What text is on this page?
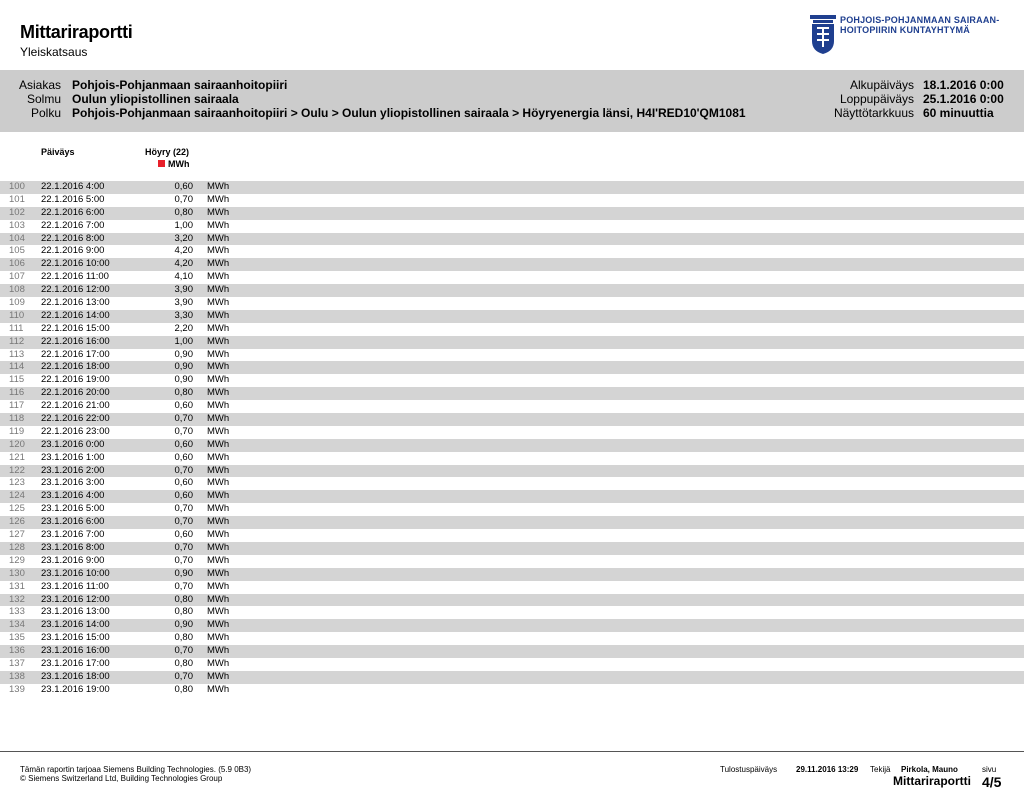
Mittariraportti
Yleiskatsaus
POHJOIS-POHJANMAAN SAIRAAN-
HOITOPIIRIN KUNTAYHTYMÄ
Asiakas Pohjois-Pohjanmaan sairaanhoitopiiri	Alkupäiväys 18.1.2016 0:00
Solmu Oulun yliopistollinen sairaala	Loppupäiväys 25.1.2016 0:00
Polku Pohjois-Pohjanmaan sairaanhoitopiiri > Oulu > Oulun yliopistollinen sairaala > Höyryenergia länsi, H4I'RED10'QM1081	Näyttötarkkuus 60 minuuttia
Päiväys	Höyry (22)
MWh
100 22.1.2016 4:00	0,60 MWh
101 22.1.2016 5:00	0,70 MWh
102 22.1.2016 6:00	0,80 MWh
103 22.1.2016 7:00	1,00 MWh
104 22.1.2016 8:00	3,20 MWh
105 22.1.2016 9:00	4,20 MWh
106 22.1.2016 10:00	4,20 MWh
107 22.1.2016 11:00	4,10 MWh
108 22.1.2016 12:00	3,90 MWh
109 22.1.2016 13:00	3,90 MWh
110 22.1.2016 14:00	3,30 MWh
111 22.1.2016 15:00	2,20 MWh
112 22.1.2016 16:00	1,00 MWh
113 22.1.2016 17:00	0,90 MWh
114 22.1.2016 18:00	0,90 MWh
115 22.1.2016 19:00	0,90 MWh
116 22.1.2016 20:00	0,80 MWh
117 22.1.2016 21:00	0,60 MWh
118 22.1.2016 22:00	0,70 MWh
119 22.1.2016 23:00	0,70 MWh
120 23.1.2016 0:00	0,60 MWh
121 23.1.2016 1:00	0,60 MWh
122 23.1.2016 2:00	0,70 MWh
123 23.1.2016 3:00	0,60 MWh
124 23.1.2016 4:00	0,60 MWh
125 23.1.2016 5:00	0,70 MWh
126 23.1.2016 6:00	0,70 MWh
127 23.1.2016 7:00	0,60 MWh
128 23.1.2016 8:00	0,70 MWh
129 23.1.2016 9:00	0,70 MWh
130 23.1.2016 10:00	0,90 MWh
131 23.1.2016 11:00	0,70 MWh
132 23.1.2016 12:00	0,80 MWh
133 23.1.2016 13:00	0,80 MWh
134 23.1.2016 14:00	0,90 MWh
135 23.1.2016 15:00	0,80 MWh
136 23.1.2016 16:00	0,70 MWh
137 23.1.2016 17:00	0,80 MWh
138 23.1.2016 18:00	0,70 MWh
139 23.1.2016 19:00	0,80 MWh
Tämän raportin tarjoaa Siemens Building Technologies. (5.9 0B3)
© Siemens Switzerland Ltd, Building Technologies Group
Tulostuspäiväys 29.11.2016 13:29 Tekijä Pirkola, Mauno	sivu
Mittariraportti 4/5
